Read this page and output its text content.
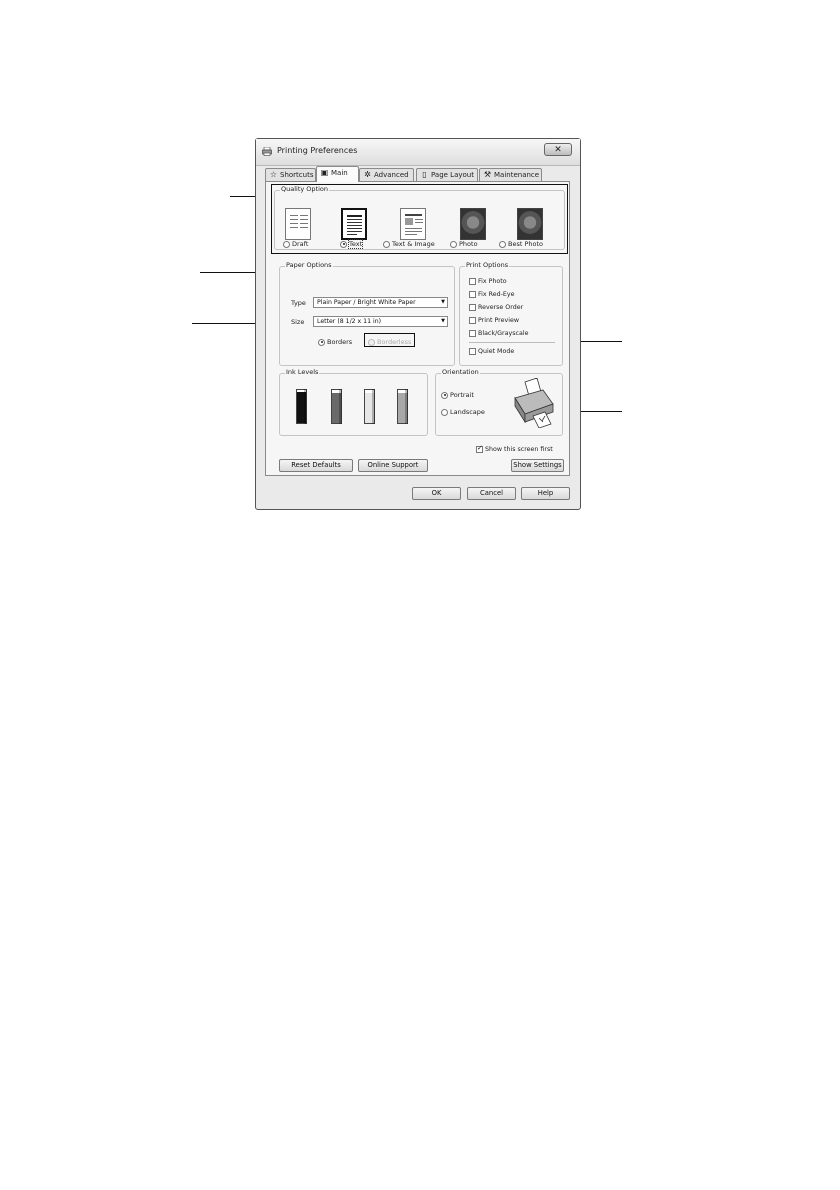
Printing Preferences	✕
☆ Shortcuts ▣ Main	✲ Advanced	▯ Page Layout	⚒ Maintenance
Quality Option
Draft	Text	Text & Image	Photo	Best Photo
Paper Options
Type	Plain Paper / Bright White Paper	▼
Size	Letter (8 1/2 x 11 in)	▼
Borders	Borderless
Print Options
Fix Photo
Fix Red-Eye
Reverse Order
Print Preview
Black/Grayscale
Quiet Mode
Ink Levels	Orientation
Portrait
Landscape
✓Show this screen first
Reset Defaults	Online Support	Show Settings
OK	Cancel	Help
